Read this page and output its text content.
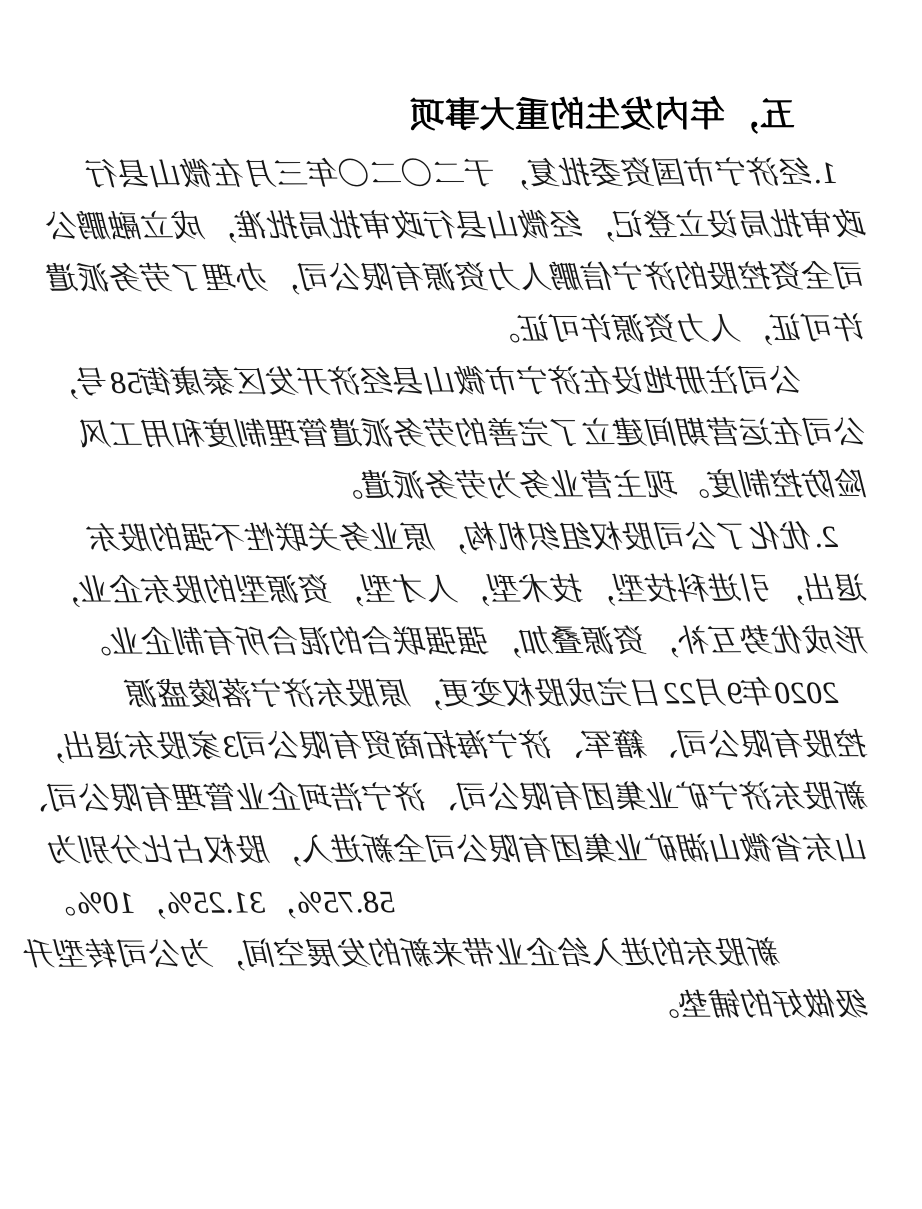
五，年内发生的重大事项
1.经济宁市国资委批复，于二〇二〇年三月在微山县行
政审批局设立登记，经微山县行政审批局批准，成立融鹏公
司全资控股的济宁信鹏人力资源有限公司，办理了劳务派遣
许可证，人力资源许可证。
公司注册地设在济宁市微山县经济开发区泰康街58号，
公司在运营期间建立了完善的劳务派遣管理制度和用工风
险防控制度。现主营业务为劳务派遣。
2.优化了公司股权组织机构，原业务关联性不强的股东
退出，引进科技型，技术型，人才型，资源型的股东企业，
形成优势互补，资源叠加，强强联合的混合所有制企业。
2020年9月22日完成股权变更，原股东济宁落陵盛源
控股有限公司、籍军、济宁海拓商贸有限公司3家股东退出，
新股东济宁矿业集团有限公司、济宁浩珂企业管理有限公司、
山东省微山湖矿业集团有限公司全新进入，股权占比分别为
58.75%，31.25%，10%。
新股东的进入给企业带来新的发展空间，为公司转型升
级做好的铺垫。
